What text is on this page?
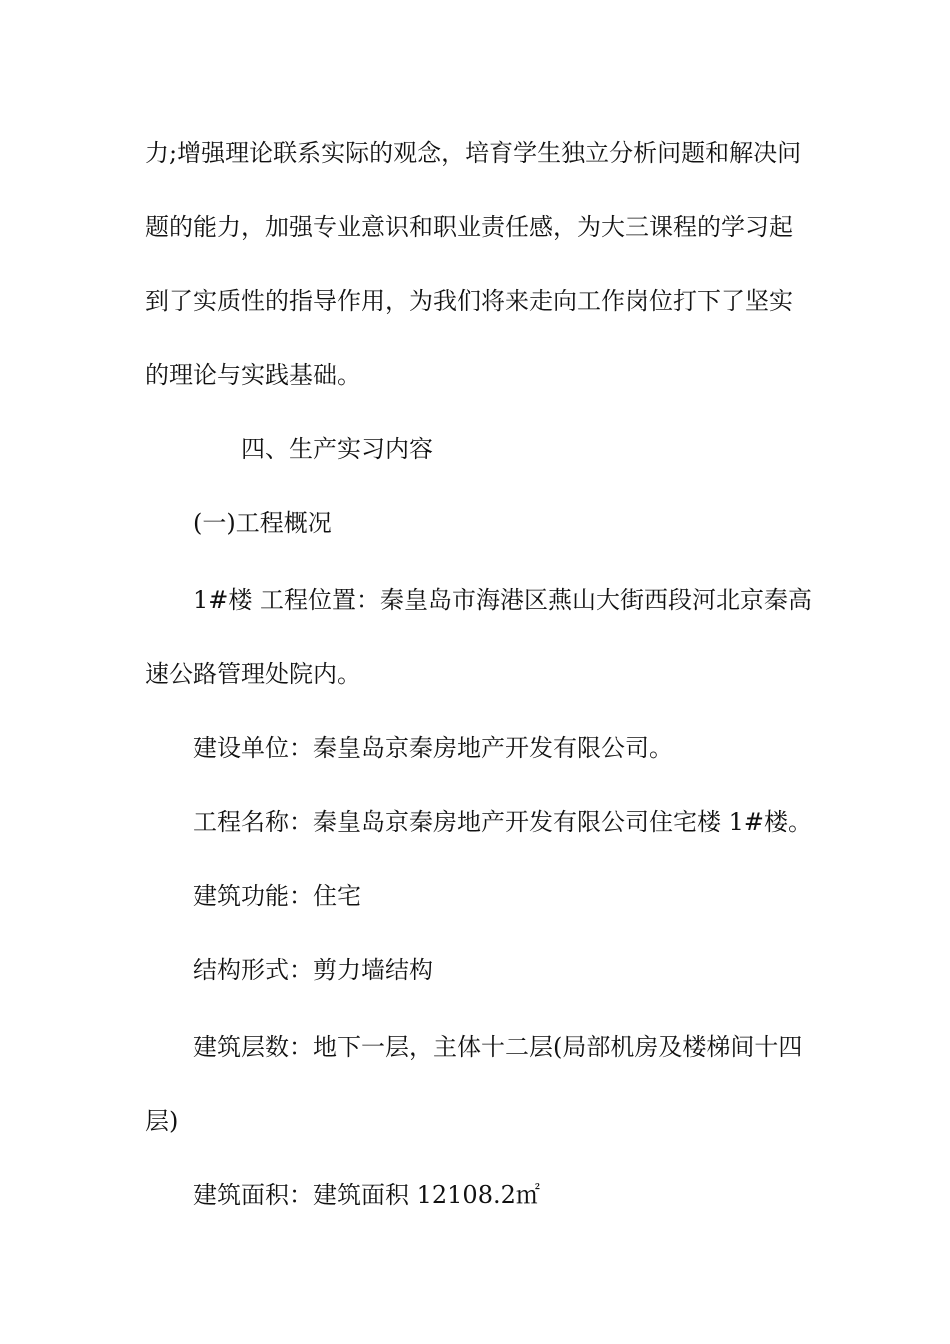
力;增强理论联系实际的观念，培育学生独立分析问题和解决问
题的能力，加强专业意识和职业责任感，为大三课程的学习起
到了实质性的指导作用，为我们将来走向工作岗位打下了坚实
的理论与实践基础。
四、生产实习内容
(一)工程概况
1#楼 工程位置：秦皇岛市海港区燕山大街西段河北京秦高
速公路管理处院内。
建设单位：秦皇岛京秦房地产开发有限公司。
工程名称：秦皇岛京秦房地产开发有限公司住宅楼 1#楼。
建筑功能：住宅
结构形式：剪力墙结构
建筑层数：地下一层，主体十二层(局部机房及楼梯间十四
层)
建筑面积：建筑面积 12108.2㎡
